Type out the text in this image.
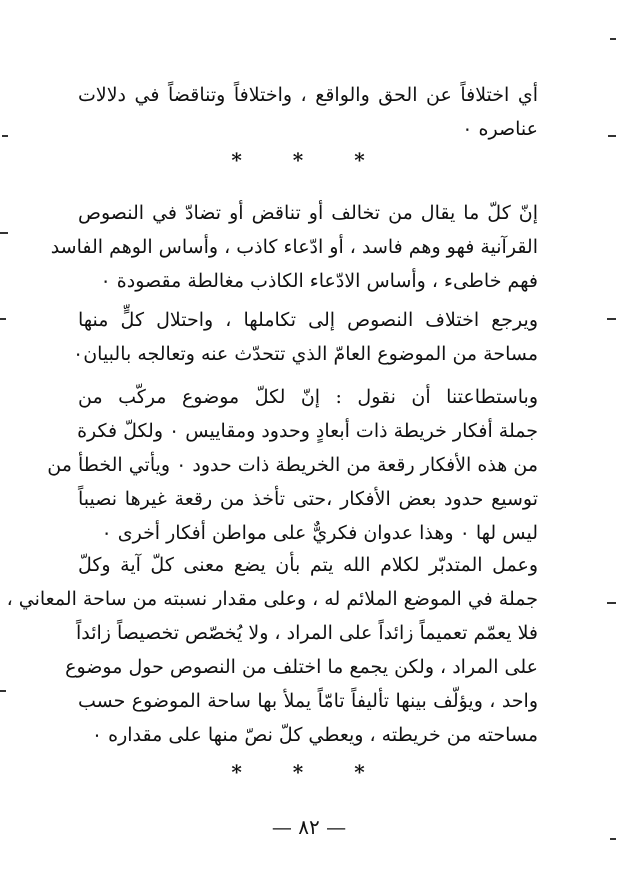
أي اختلافاً عن الحق والواقع ، واختلافاً وتناقضاً في دلالات
عناصره ٠
* * *
إنّ كلّ ما يقال من تخالف أو تناقض أو تضادّ في النصوص
القرآنية فهو وهم فاسد ، أو ادّعاء كاذب ، وأساس الوهم الفاسد
فهم خاطىء ، وأساس الادّعاء الكاذب مغالطة مقصودة ٠
ويرجع اختلاف النصوص إلى تكاملها ، واحتلال كلٍّ منها
مساحة من الموضوع العامّ الذي تتحدّث عنه وتعالجه بالبيان٠
وباستطاعتنا أن نقول : إنّ لكلّ موضوع مركّب من
جملة أفكار خريطة ذات أبعادٍ وحدود ومقاييس ٠ ولكلّ فكرة
من هذه الأفكار رقعة من الخريطة ذات حدود ٠ ويأتي الخطأ من
توسيع حدود بعض الأفكار ،حتى تأخذ من رقعة غيرها نصيباً
ليس لها ٠ وهذا عدوان فكريٌّ على مواطن أفكار أخرى ٠
وعمل المتدبّر لكلام الله يتم بأن يضع معنى كلّ آية وكلّ
جملة في الموضع الملائم له ، وعلى مقدار نسبته من ساحة المعاني ،
فلا يعمّم تعميماً زائداً على المراد ، ولا يُخصّص تخصيصاً زائداً
على المراد ، ولكن يجمع ما اختلف من النصوص حول موضوع
واحد ، ويؤلّف بينها تأليفاً تامّاً يملأ بها ساحة الموضوع حسب
مساحته من خريطته ، ويعطي كلّ نصّ منها على مقداره ٠
* * *
— ٨٢ —
